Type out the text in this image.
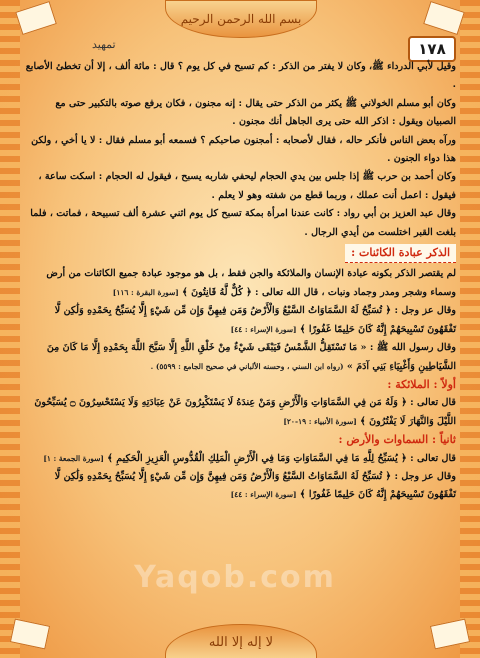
بسم الله الرحمن الرحيم
١٧٨
تمهيد

وقيل لأبي الدرداء ﷺ، وكان لا يفتر من الذكر : كم تسبح في كل يوم ؟ قال : مائة ألف ، إلا أن تخطئ الأصابع .

وكان أبو مسلم الخولاني ﷺ يكثر من الذكر حتى يقال : إنه مجنون ، فكان يرفع صوته بالتكبير حتى مع الصبيان ويقول : اذكر الله حتى يرى الجاهل أنك مجنون .

ورآه بعض الناس فأنكر حاله ، فقال لأصحابه : أمجنون صاحبكم ؟ فسمعه أبو مسلم فقال : لا يا أخي ، ولكن هذا دواء الجنون .

وكان أحمد بن حرب ﷺ إذا جلس بين يدي الحجام ليحفي شاربه يسبح ، فيقول له الحجام : اسكت ساعة ، فيقول : اعمل أنت عملك ، وربما قطع من شفته وهو لا يعلم .

وقال عبد العزيز بن أبي رواد : كانت عندنا امرأة بمكة تسبح كل يوم اثني عشرة ألف تسبيحة ، فماتت ، فلما بلغت القبر اختلست من أيدي الرجال .

الذكر عبادة الكائنات :

لم يقتصر الذكر بكونه عبادة الإنسان والملائكة والجن فقط ، بل هو موجود عبادة جميع الكائنات من أرض وسماء وشجر ومدر وجماد ونبات ، قال الله تعالى : ﴿ كُلٌّ لَّهُ قَانِتُونَ ﴾ [سورة البقرة : ١١٦]

وقال عز وجل : ﴿ تُسَبِّحُ لَهُ السَّمَاوَاتُ السَّبْعُ وَالْأَرْضُ وَمَن فِيهِنَّ وَإِن مِّن شَيْءٍ إِلَّا يُسَبِّحُ بِحَمْدِهِ وَلَٰكِن لَّا تَفْقَهُونَ تَسْبِيحَهُمْ إِنَّهُ كَانَ حَلِيمًا غَفُورًا ﴾ [سورة الإسراء : ٤٤]

وقال رسول الله ﷺ : « مَا تَسْتَقِلُّ الشَّمْسُ فَيَبْقَى شَيْءٌ مِنْ خَلْقِ اللَّهِ إِلَّا سَبَّحَ اللَّهَ بِحَمْدِهِ إِلَّا مَا كَانَ مِنَ الشَّيَاطِينِ وَأَغْبِيَاءِ بَنِي آدَمَ » (رواه ابن السني ، وحسنه الألباني في صحيح الجامع : ٥٥٩٩) .

أولاً : الملائكة :

قال تعالى : ﴿ وَلَهُ مَن فِي السَّمَاوَاتِ وَالْأَرْضِ وَمَنْ عِندَهُ لَا يَسْتَكْبِرُونَ عَنْ عِبَادَتِهِ وَلَا يَسْتَحْسِرُونَ ۝ يُسَبِّحُونَ اللَّيْلَ وَالنَّهَارَ لَا يَفْتُرُونَ ﴾ [سورة الأنبياء : ١٩-٢٠]

ثانياً : السماوات والأرض :

قال تعالى : ﴿ يُسَبِّحُ لِلَّهِ مَا فِي السَّمَاوَاتِ وَمَا فِي الْأَرْضِ الْمَلِكِ الْقُدُّوسِ الْعَزِيزِ الْحَكِيمِ ﴾ [سورة الجمعة : ١]

وقال عز وجل : ﴿ تُسَبِّحُ لَهُ السَّمَاوَاتُ السَّبْعُ وَالْأَرْضُ وَمَن فِيهِنَّ وَإِن مِّن شَيْءٍ إِلَّا يُسَبِّحُ بِحَمْدِهِ وَلَٰكِن لَّا تَفْقَهُونَ تَسْبِيحَهُمْ إِنَّهُ كَانَ حَلِيمًا غَفُورًا ﴾ [سورة الإسراء : ٤٤]

Yaqob.com
لا إله إلا الله
